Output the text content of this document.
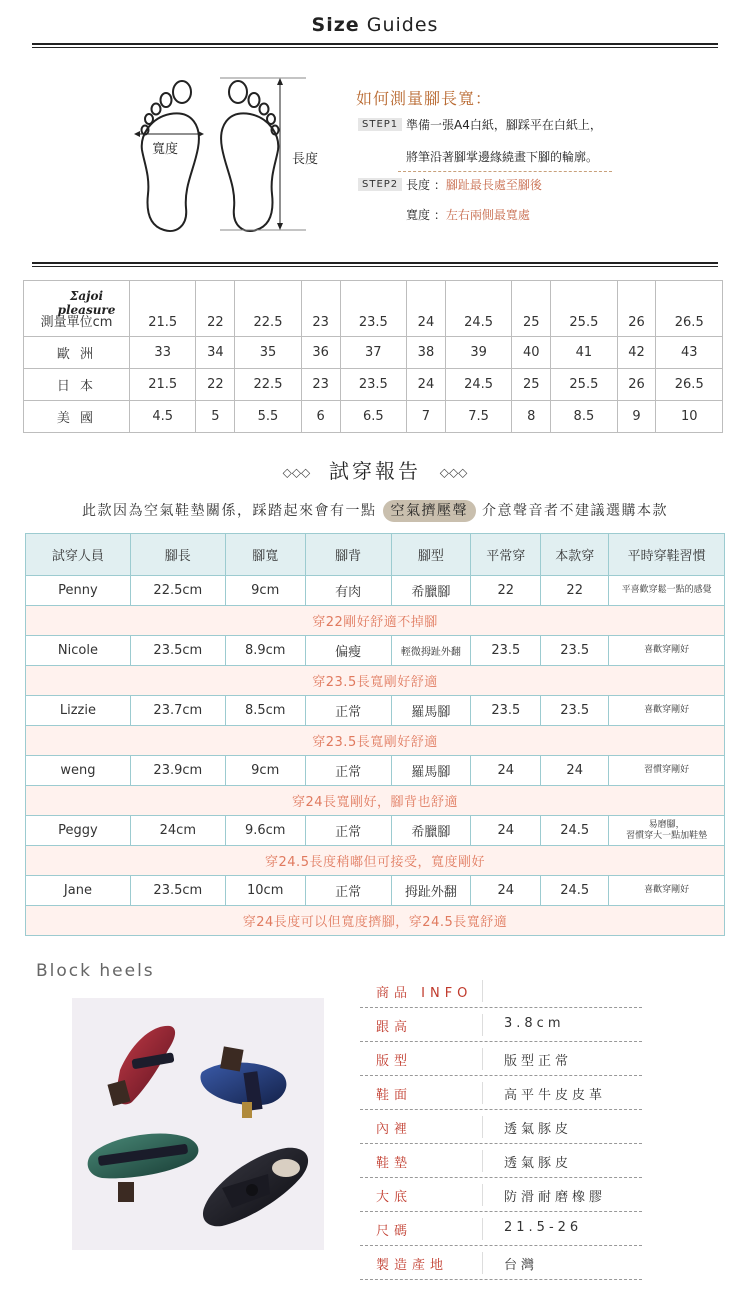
Size Guides
寬度
長度
如何測量腳長寬：
STEP1 準備一張A4白紙，腳踩平在白紙上，
將筆沿著腳掌邊緣繞畫下腳的輪廓。
STEP2 長度 ：腳趾最長處至腳後
寬度 ：左右兩側最寬處
Σajoi pleasure
測量單位cm	21.5	22	22.5	23	23.5	24	24.5	25	25.5	26	26.5
歐 洲	33	34	35	36	37	38	39	40	41	42	43
日 本	21.5	22	22.5	23	23.5	24	24.5	25	25.5	26	26.5
美 國	4.5	5	5.5	6	6.5	7	7.5	8	8.5	9	10
◇◇◇ 試穿報告 ◇◇◇
此款因為空氣鞋墊關係，踩踏起來會有一點 空氣擠壓聲 介意聲音者不建議選購本款
試穿人員	腳長	腳寬	腳背	腳型	平常穿	本款穿	平時穿鞋習慣
Penny	22.5cm	9cm	有肉	希臘腳	22	22	平喜歡穿鬆一點的感覺
穿22剛好舒適不掉腳							
Nicole	23.5cm	8.9cm	偏瘦	輕微拇趾外翻	23.5	23.5	喜歡穿剛好
穿23.5長寬剛好舒適							
Lizzie	23.7cm	8.5cm	正常	羅馬腳	23.5	23.5	喜歡穿剛好
穿23.5長寬剛好舒適							
weng	23.9cm	9cm	正常	羅馬腳	24	24	習慣穿剛好
穿24長寬剛好，腳背也舒適							
Peggy	24cm	9.6cm	正常	希臘腳	24	24.5	易磨腳，
習慣穿大一點加鞋墊

穿24.5長度稍嘟但可接受，寬度剛好							
Jane	23.5cm	10cm	正常	拇趾外翻	24	24.5	喜歡穿剛好
穿24長度可以但寬度擠腳，穿24.5長寬舒適							
Block heels
商品 INFO
跟高	3.8cm
版型	版型正常
鞋面	高平牛皮皮革
內裡	透氣豚皮
鞋墊	透氣豚皮
大底	防滑耐磨橡膠
尺碼	21.5-26
製造產地	台灣
